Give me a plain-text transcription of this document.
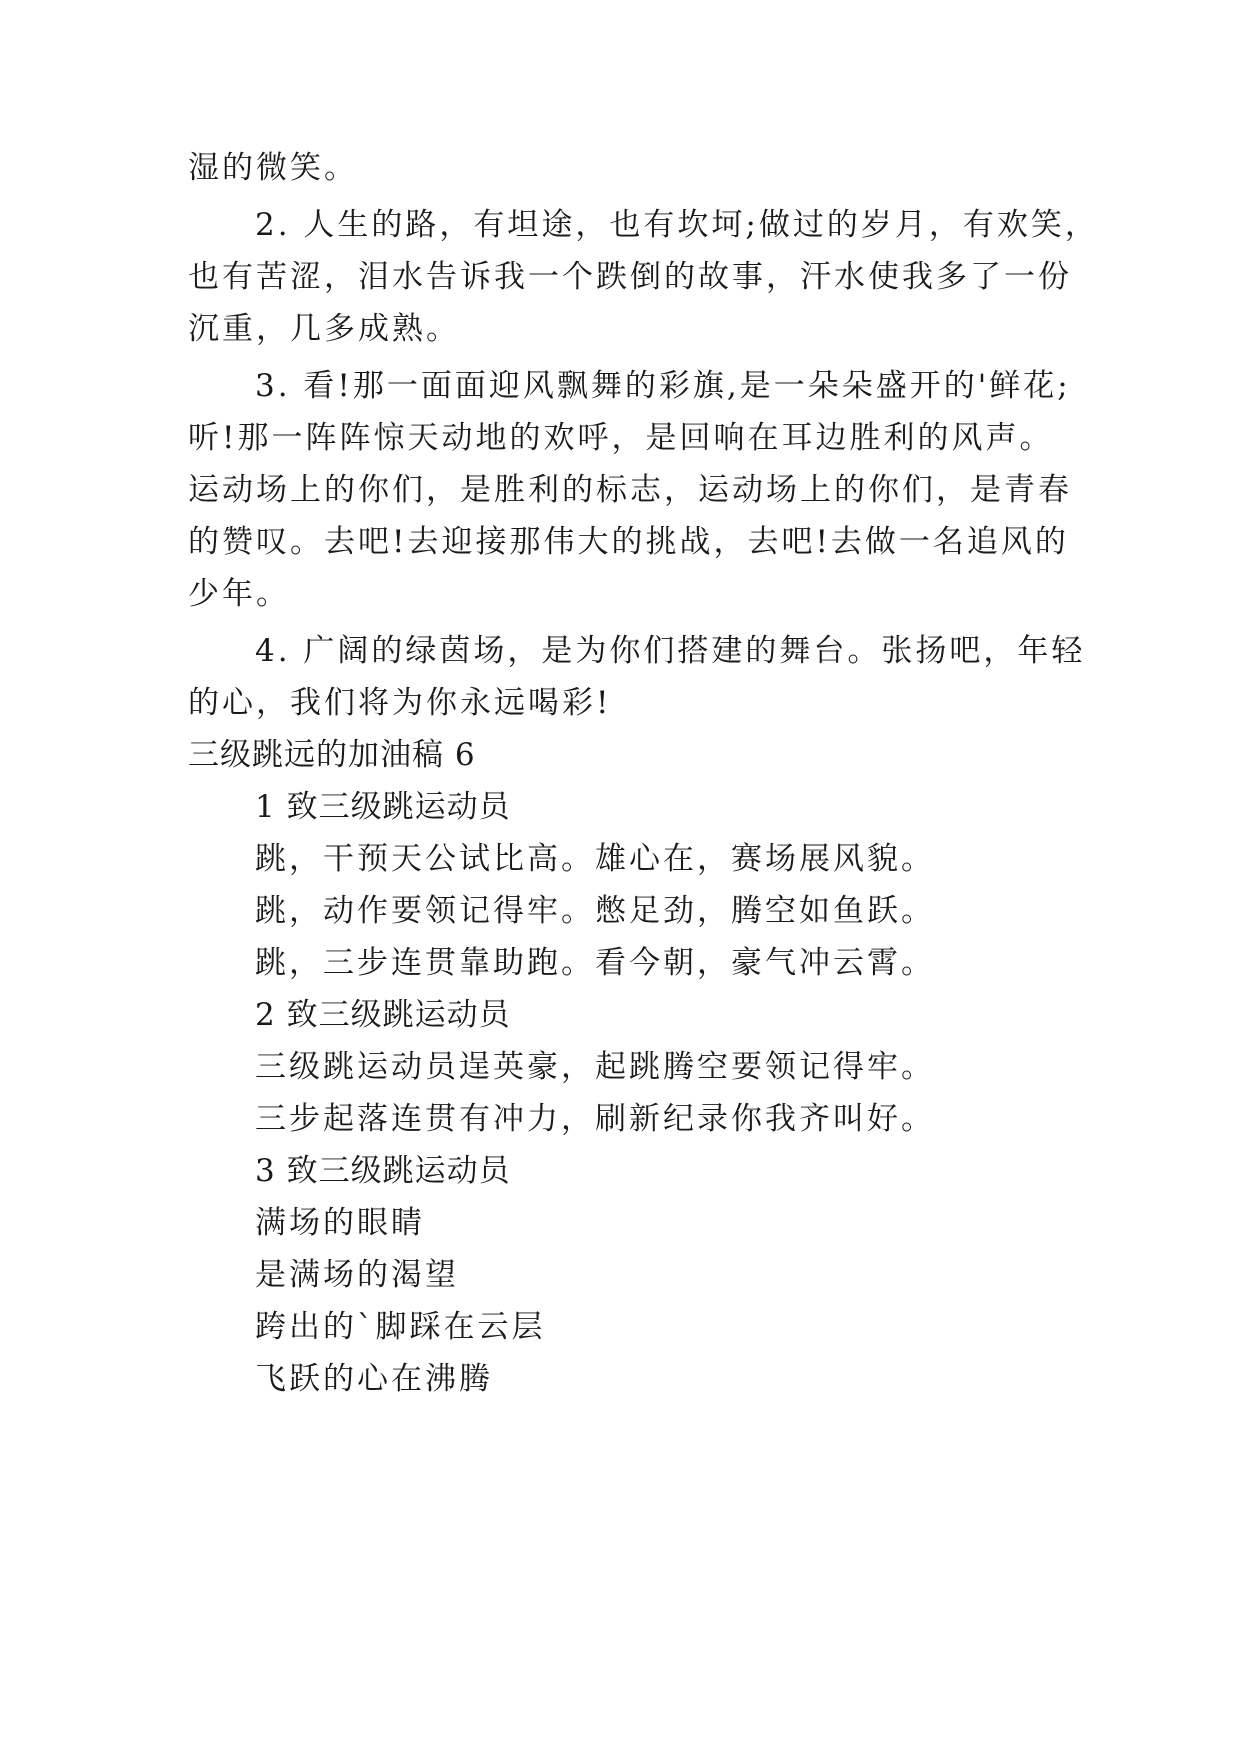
湿的微笑。
2. 人生的路，有坦途，也有坎坷;做过的岁月，有欢笑，
也有苦涩，泪水告诉我一个跌倒的故事，汗水使我多了一份
沉重，几多成熟。
3. 看!那一面面迎风飘舞的彩旗,是一朵朵盛开的'鲜花;
听!那一阵阵惊天动地的欢呼，是回响在耳边胜利的风声。
运动场上的你们，是胜利的标志，运动场上的你们，是青春
的赞叹。去吧!去迎接那伟大的挑战，去吧!去做一名追风的
少年。
4. 广阔的绿茵场，是为你们搭建的舞台。张扬吧，年轻
的心，我们将为你永远喝彩!
三级跳远的加油稿 6
1 致三级跳运动员
跳，干预天公试比高。雄心在，赛场展风貌。
跳，动作要领记得牢。憋足劲，腾空如鱼跃。
跳，三步连贯靠助跑。看今朝，豪气冲云霄。
2 致三级跳运动员
三级跳运动员逞英豪，起跳腾空要领记得牢。
三步起落连贯有冲力，刷新纪录你我齐叫好。
3 致三级跳运动员
满场的眼睛
是满场的渴望
跨出的`脚踩在云层
飞跃的心在沸腾
